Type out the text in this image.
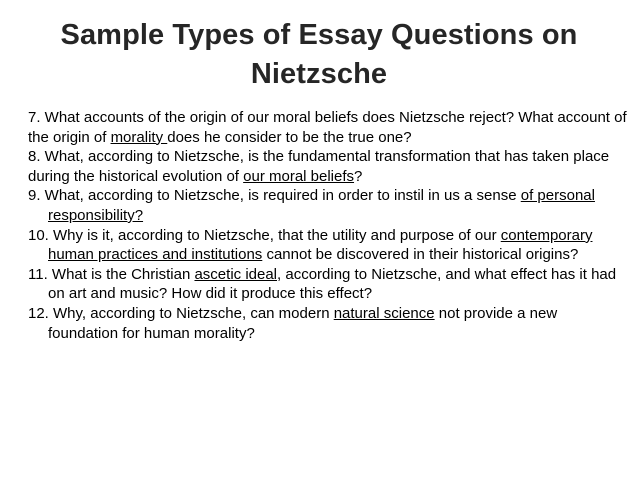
Sample Types of Essay Questions on
Nietzsche

7. What accounts of the origin of our moral beliefs does Nietzsche reject? What account of

the origin of morality does he consider to be the true one?

8. What, according to Nietzsche, is the fundamental transformation that has taken place

during the historical evolution of our moral beliefs?

9. What, according to Nietzsche, is required in order to instil in us a sense of personal responsibility?

10. Why is it, according to Nietzsche, that the utility and purpose of our contemporary human practices and institutions cannot be discovered in their historical origins?

11. What is the Christian ascetic ideal, according to Nietzsche, and what effect has it had on art and music? How did it produce this effect?

12. Why, according to Nietzsche, can modern natural science not provide a new foundation for human morality?
